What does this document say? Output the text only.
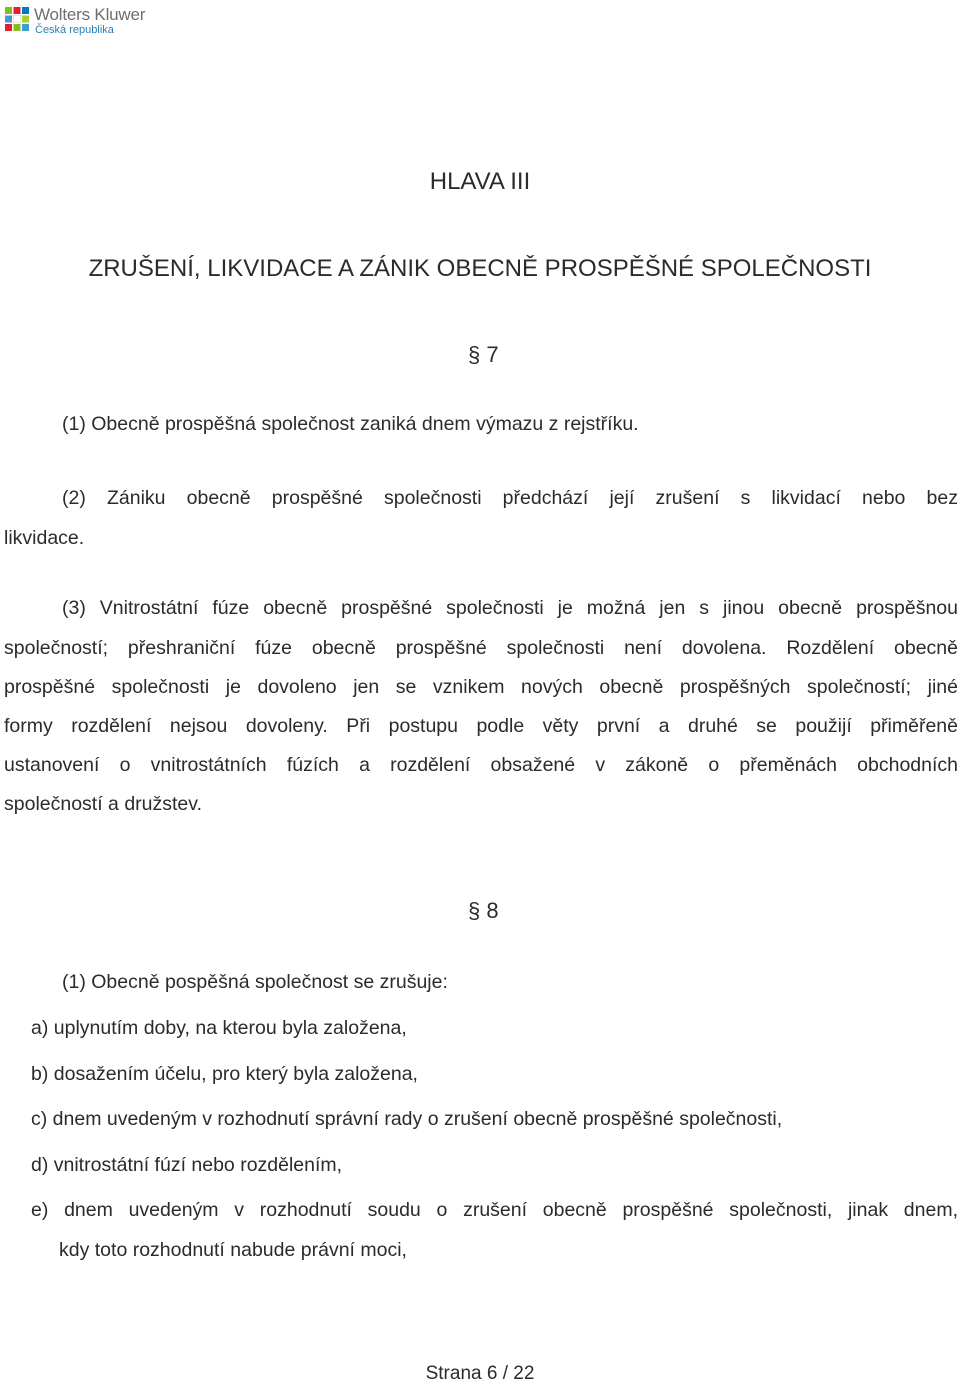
Wolters Kluwer
Česká republika
HLAVA III
ZRUŠENÍ, LIKVIDACE A ZÁNIK OBECNĚ PROSPĚŠNÉ SPOLEČNOSTI
§ 7
(1) Obecně prospěšná společnost zaniká dnem výmazu z rejstříku.
(2) Zániku obecně prospěšné společnosti předchází její zrušení s likvidací nebo bez
likvidace.
(3) Vnitrostátní fúze obecně prospěšné společnosti je možná jen s jinou obecně prospěšnou
společností; přeshraniční fúze obecně prospěšné společnosti není dovolena. Rozdělení obecně
prospěšné společnosti je dovoleno jen se vznikem nových obecně prospěšných společností; jiné
formy rozdělení nejsou dovoleny. Při postupu podle věty první a druhé se použijí přiměřeně
ustanovení o vnitrostátních fúzích a rozdělení obsažené v zákoně o přeměnách obchodních
společností a družstev.
§ 8
(1) Obecně pospěšná společnost se zrušuje:
a) uplynutím doby, na kterou byla založena,
b) dosažením účelu, pro který byla založena,
c) dnem uvedeným v rozhodnutí správní rady o zrušení obecně prospěšné společnosti,
d) vnitrostátní fúzí nebo rozdělením,
e) dnem uvedeným v rozhodnutí soudu o zrušení obecně prospěšné společnosti, jinak dnem,
kdy toto rozhodnutí nabude právní moci,
Strana 6 / 22
